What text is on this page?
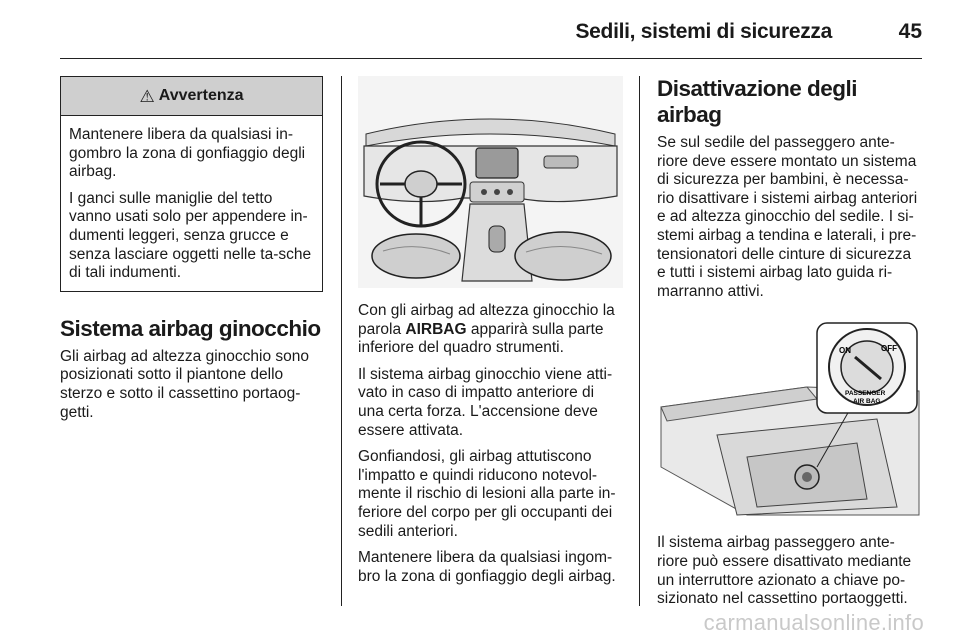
Sedili, sistemi di sicurezza	45
⚠ Avvertenza

Mantenere libera da qualsiasi in-gombro la zona di gonfiaggio degli airbag.

I ganci sulle maniglie del tetto vanno usati solo per appendere in-dumenti leggeri, senza grucce e senza lasciare oggetti nelle ta-sche di tali indumenti.

Sistema airbag ginocchio

Gli airbag ad altezza ginocchio sono posizionati sotto il piantone dello sterzo e sotto il cassettino portaog-getti.

Con gli airbag ad altezza ginocchio la parola AIRBAG apparirà sulla parte inferiore del quadro strumenti.

Il sistema airbag ginocchio viene atti-vato in caso di impatto anteriore di una certa forza. L'accensione deve essere attivata.

Gonfiandosi, gli airbag attutiscono l'impatto e quindi riducono notevol-mente il rischio di lesioni alla parte in-feriore del corpo per gli occupanti dei sedili anteriori.

Mantenere libera da qualsiasi ingom-bro la zona di gonfiaggio degli airbag.

Disattivazione degli airbag

Se sul sedile del passeggero ante-riore deve essere montato un sistema di sicurezza per bambini, è necessa-rio disattivare i sistemi airbag anteriori e ad altezza ginocchio del sedile. I si-stemi airbag a tendina e laterali, i pre-tensionatori delle cinture di sicurezza e tutti i sistemi airbag lato guida ri-marranno attivi.

ON	OFF
PASSENGER
AIR BAG

Il sistema airbag passeggero ante-riore può essere disattivato mediante un interruttore azionato a chiave po-sizionato nel cassettino portaoggetti.

carmanualsonline.info
